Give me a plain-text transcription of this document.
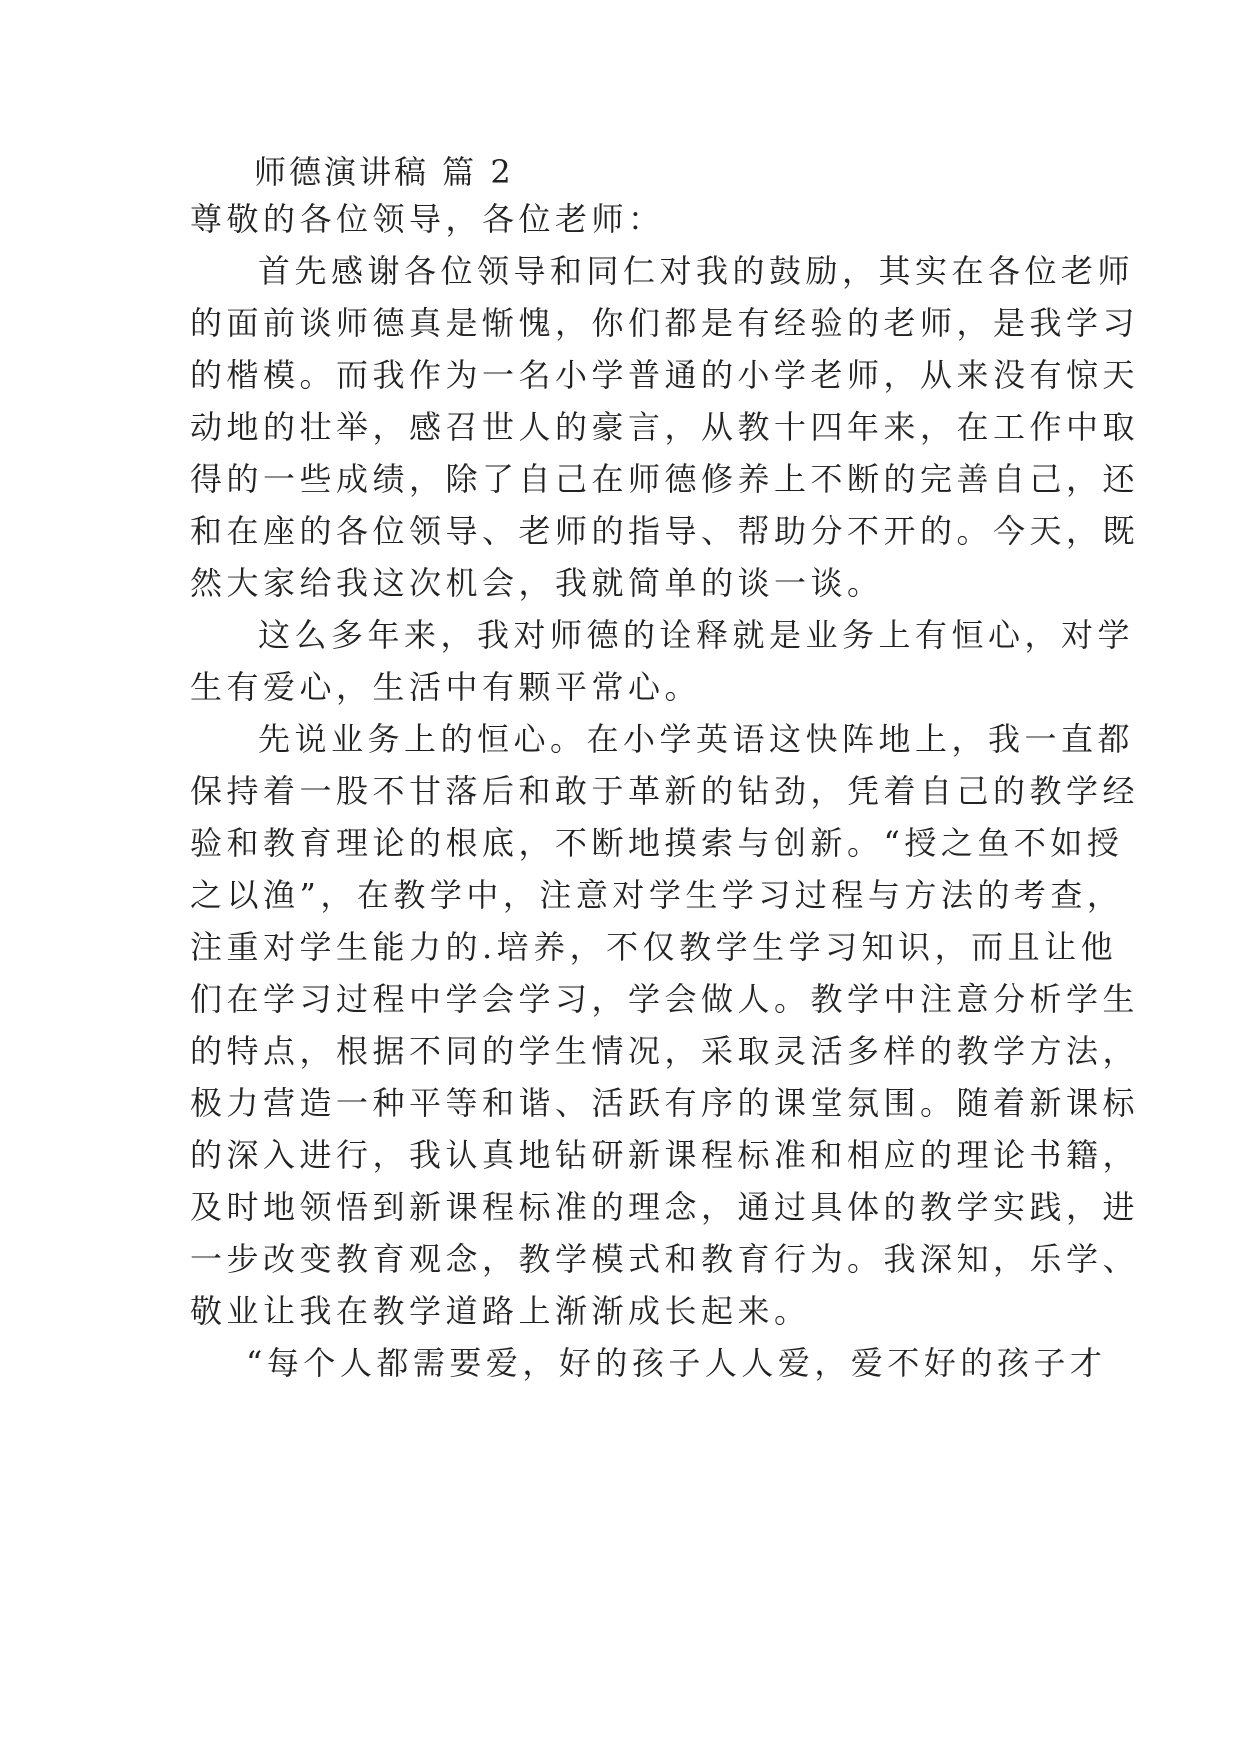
师德演讲稿 篇 2
尊敬的各位领导，各位老师：
首先感谢各位领导和同仁对我的鼓励，其实在各位老师
的面前谈师德真是惭愧，你们都是有经验的老师，是我学习
的楷模。而我作为一名小学普通的小学老师，从来没有惊天
动地的壮举，感召世人的豪言，从教十四年来，在工作中取
得的一些成绩，除了自己在师德修养上不断的完善自己，还
和在座的各位领导、老师的指导、帮助分不开的。今天，既
然大家给我这次机会，我就简单的谈一谈。
这么多年来，我对师德的诠释就是业务上有恒心，对学
生有爱心，生活中有颗平常心。
先说业务上的恒心。在小学英语这快阵地上，我一直都
保持着一股不甘落后和敢于革新的钻劲，凭着自己的教学经
验和教育理论的根底，不断地摸索与创新。“授之鱼不如授
之以渔”，在教学中，注意对学生学习过程与方法的考查，
注重对学生能力的.培养，不仅教学生学习知识，而且让他
们在学习过程中学会学习，学会做人。教学中注意分析学生
的特点，根据不同的学生情况，采取灵活多样的教学方法，
极力营造一种平等和谐、活跃有序的课堂氛围。随着新课标
的深入进行，我认真地钻研新课程标准和相应的理论书籍，
及时地领悟到新课程标准的理念，通过具体的教学实践，进
一步改变教育观念，教学模式和教育行为。我深知，乐学、
敬业让我在教学道路上渐渐成长起来。
“每个人都需要爱，好的孩子人人爱，爱不好的孩子才
